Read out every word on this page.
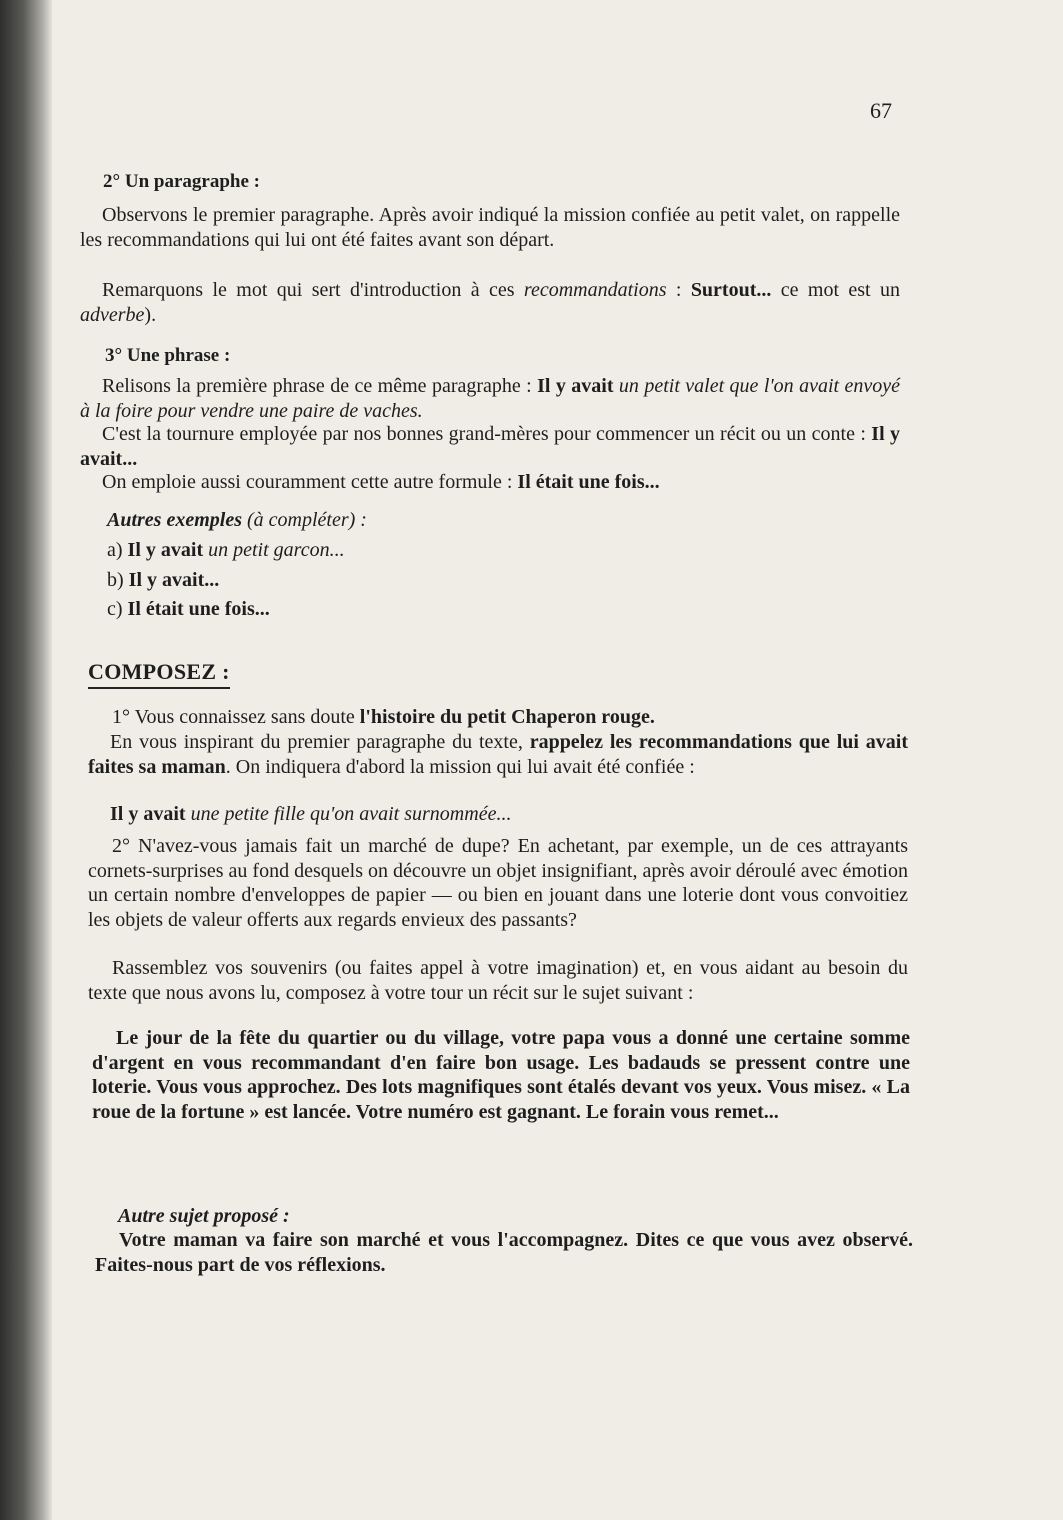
67
2° Un paragraphe :
Observons le premier paragraphe. Après avoir indiqué la mission confiée au petit valet, on rappelle les recommandations qui lui ont été faites avant son départ.
Remarquons le mot qui sert d'introduction à ces recommandations : Surtout... ce mot est un adverbe).
3° Une phrase :
Relisons la première phrase de ce même paragraphe : Il y avait un petit valet que l'on avait envoyé à la foire pour vendre une paire de vaches.
C'est la tournure employée par nos bonnes grand-mères pour commencer un récit ou un conte : Il y avait...
On emploie aussi couramment cette autre formule : Il était une fois...
Autres exemples (à compléter) :
a) Il y avait un petit garcon...
b) Il y avait...
c) Il était une fois...
COMPOSEZ :
1° Vous connaissez sans doute l'histoire du petit Chaperon rouge.
En vous inspirant du premier paragraphe du texte, rappelez les recommandations que lui avait faites sa maman. On indiquera d'abord la mission qui lui avait été confiée :
Il y avait une petite fille qu'on avait surnommée...
2° N'avez-vous jamais fait un marché de dupe? En achetant, par exemple, un de ces attrayants cornets-surprises au fond desquels on découvre un objet insignifiant, après avoir déroulé avec émotion un certain nombre d'enveloppes de papier — ou bien en jouant dans une loterie dont vous convoitiez les objets de valeur offerts aux regards envieux des passants?
Rassemblez vos souvenirs (ou faites appel à votre imagination) et, en vous aidant au besoin du texte que nous avons lu, composez à votre tour un récit sur le sujet suivant :
Le jour de la fête du quartier ou du village, votre papa vous a donné une certaine somme d'argent en vous recommandant d'en faire bon usage. Les badauds se pressent contre une loterie. Vous vous approchez. Des lots magnifiques sont étalés devant vos yeux. Vous misez. « La roue de la fortune » est lancée. Votre numéro est gagnant. Le forain vous remet...
Autre sujet proposé :
Votre maman va faire son marché et vous l'accompagnez. Dites ce que vous avez observé. Faites-nous part de vos réflexions.
